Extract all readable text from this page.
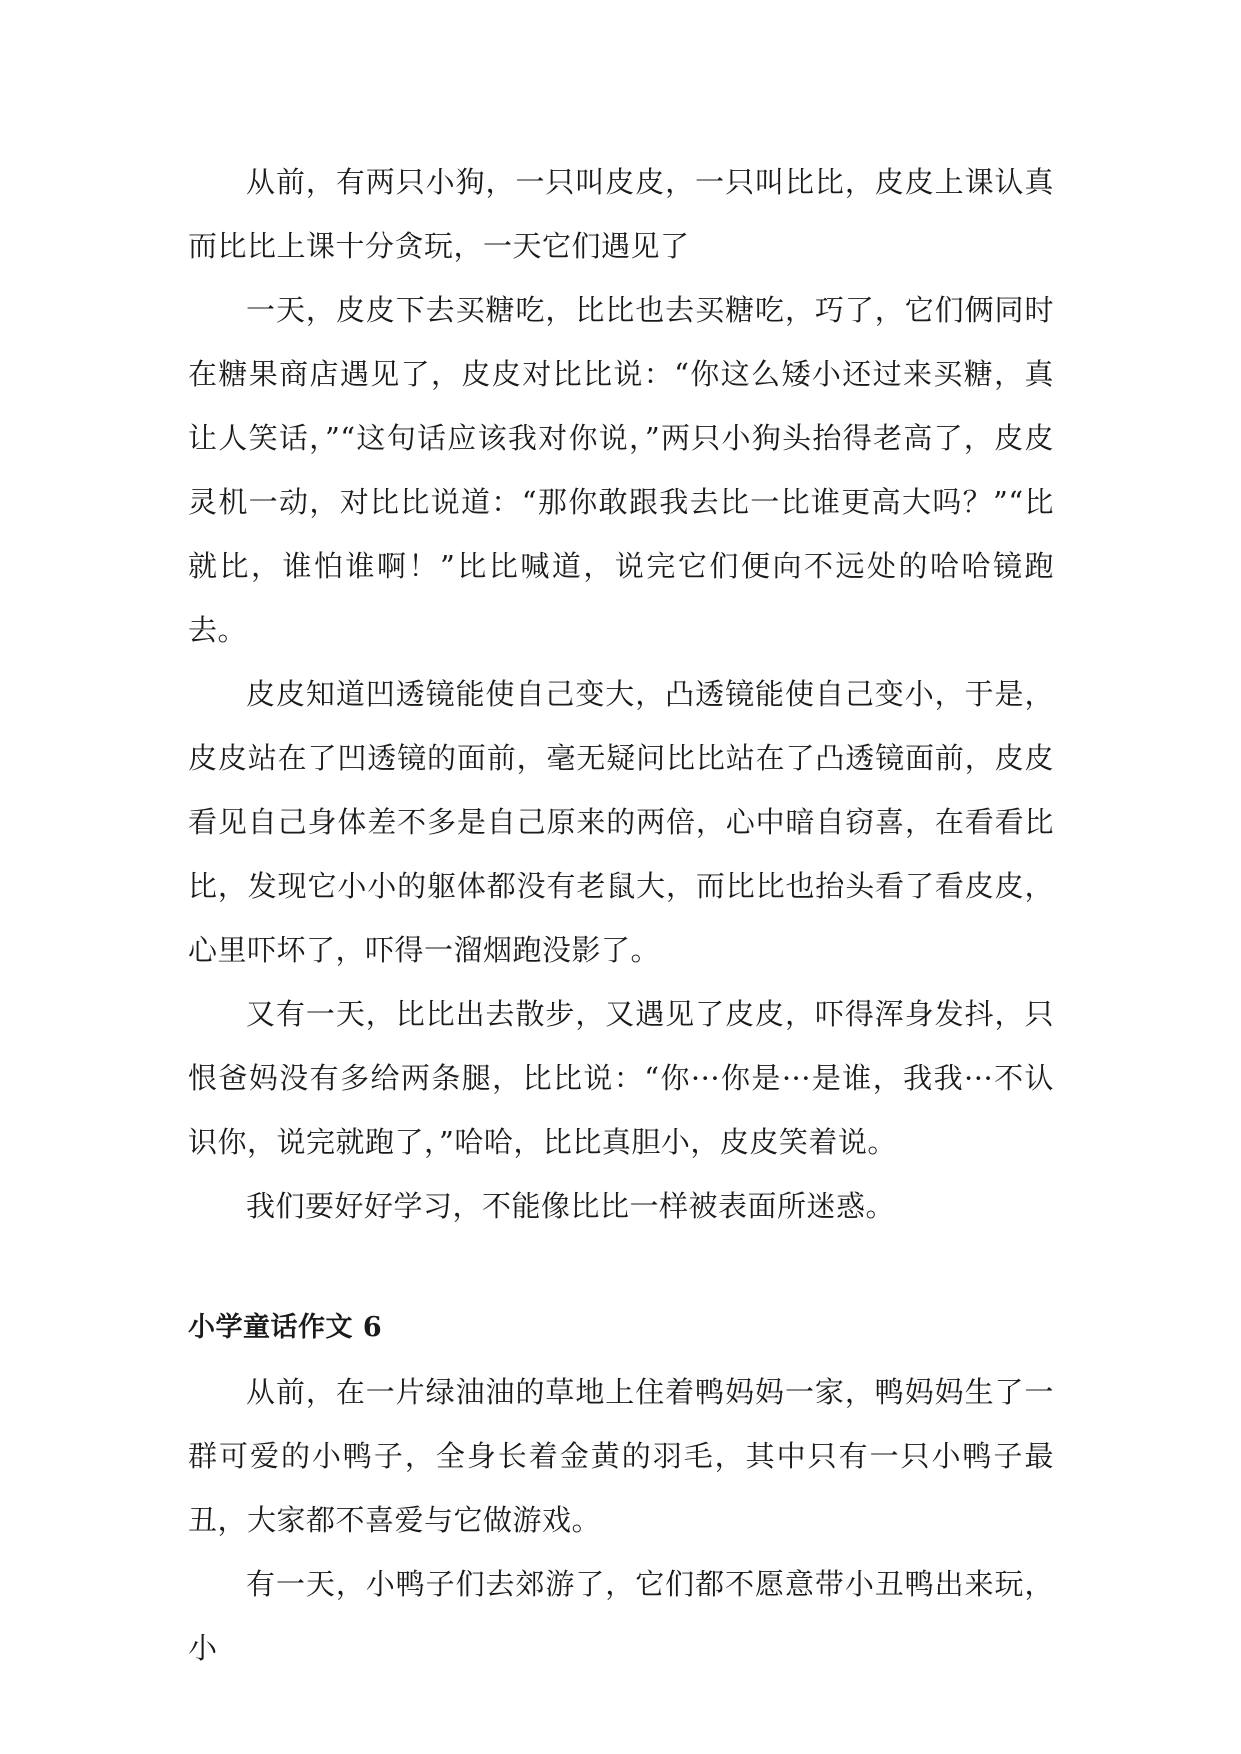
从前，有两只小狗，一只叫皮皮，一只叫比比，皮皮上课认真而比比上课十分贪玩，一天它们遇见了

一天，皮皮下去买糖吃，比比也去买糖吃，巧了，它们俩同时在糖果商店遇见了，皮皮对比比说：“你这么矮小还过来买糖，真让人笑话，”“这句话应该我对你说，”两只小狗头抬得老高了，皮皮灵机一动，对比比说道：“那你敢跟我去比一比谁更高大吗？”“比就比，谁怕谁啊！”比比喊道，说完它们便向不远处的哈哈镜跑去。

皮皮知道凹透镜能使自己变大，凸透镜能使自己变小，于是，皮皮站在了凹透镜的面前，毫无疑问比比站在了凸透镜面前，皮皮看见自己身体差不多是自己原来的两倍，心中暗自窃喜，在看看比比，发现它小小的躯体都没有老鼠大，而比比也抬头看了看皮皮，心里吓坏了，吓得一溜烟跑没影了。

又有一天，比比出去散步，又遇见了皮皮，吓得浑身发抖，只恨爸妈没有多给两条腿，比比说：“你···你是···是谁，我我···不认识你，说完就跑了，”哈哈，比比真胆小，皮皮笑着说。

我们要好好学习，不能像比比一样被表面所迷惑。

小学童话作文 6

从前，在一片绿油油的草地上住着鸭妈妈一家，鸭妈妈生了一群可爱的小鸭子，全身长着金黄的羽毛，其中只有一只小鸭子最丑，大家都不喜爱与它做游戏。

有一天，小鸭子们去郊游了，它们都不愿意带小丑鸭出来玩，小
